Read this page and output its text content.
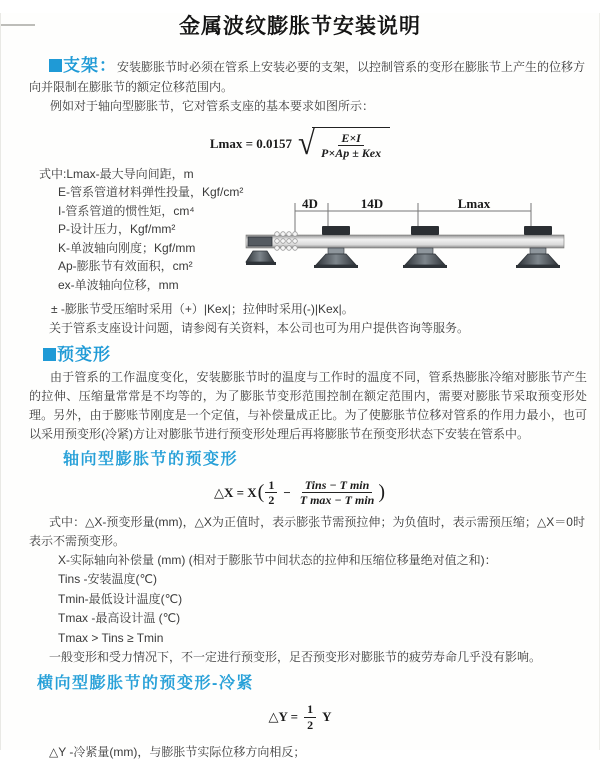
金属波纹膨胀节安装说明

支架：安装膨胀节时必须在管系上安装必要的支架，以控制管系的变形在膨胀节上产生的位移方向并限制在膨胀节的额定位移范围内。

例如对于轴向型膨胀节，它对管系支座的基本要求如图所示：

Lmax = 0.0157 √ $\frac{E\times I}{\text{P×Ap ± Kex}}$
式中:Lmax-最大导向间距，m
E-管系管道材料弹性投量，Kgf/cm²
I-管系管道的惯性矩，cm⁴
P-设计压力，Kgf/mm²
K-单波轴向刚度；Kgf/mm
Ap-膨胀节有效面积，cm²
ex-单波轴向位移，mm
4D	14D	Lmax

± -膨胀节受压缩时采用（+）|Kex|；拉伸时采用(-)|Kex|。

关于管系支座设计问题，请参阅有关资料，本公司也可为用户提供咨询等服务。

预变形

由于管系的工作温度变化，安装膨胀节时的温度与工作时的温度不同，管系热膨胀冷缩对膨胀节产生的拉伸、压缩量常常是不均等的，为了膨胀节变形范围控制在额定范围内，需要对膨胀节采取预变形处理。另外，由于膨账节刚度是一个定值，与补偿量成正比。为了使膨胀节位移对管系的作用力最小，也可以采用预变形(冷紧)方让对膨胀节进行预变形处理后再将膨胀节在预变形状态下安装在管系中。

轴向型膨胀节的预变形
△X = X ( $\frac{1}{2} - \frac{\text{Tins − T min}}{\text{T max − T min}}$ )

式中：△X-预变形量(mm)，△X为正值时，表示膨张节需预拉伸；为负值时，表示需预压缩；△X＝0时表示不需预变形。

X-实际轴向补偿量 (mm) (相对于膨胀节中间状态的拉伸和压缩位移量绝对值之和)：
Tins -安装温度(℃)
Tmin-最低设计温度(℃)
Tmax -最高设计温 (℃)
Tmax > Tins ≥ Tmin

一般变形和受力情况下，不一定进行预变形，足否预变形对膨胀节的疲劳寿命几乎没有影响。

横向型膨胀节的预变形-冷紧
△Y = $\frac{1}{2}$ Y

△Y -冷紧量(mm)，与膨胀节实际位移方向相反；
